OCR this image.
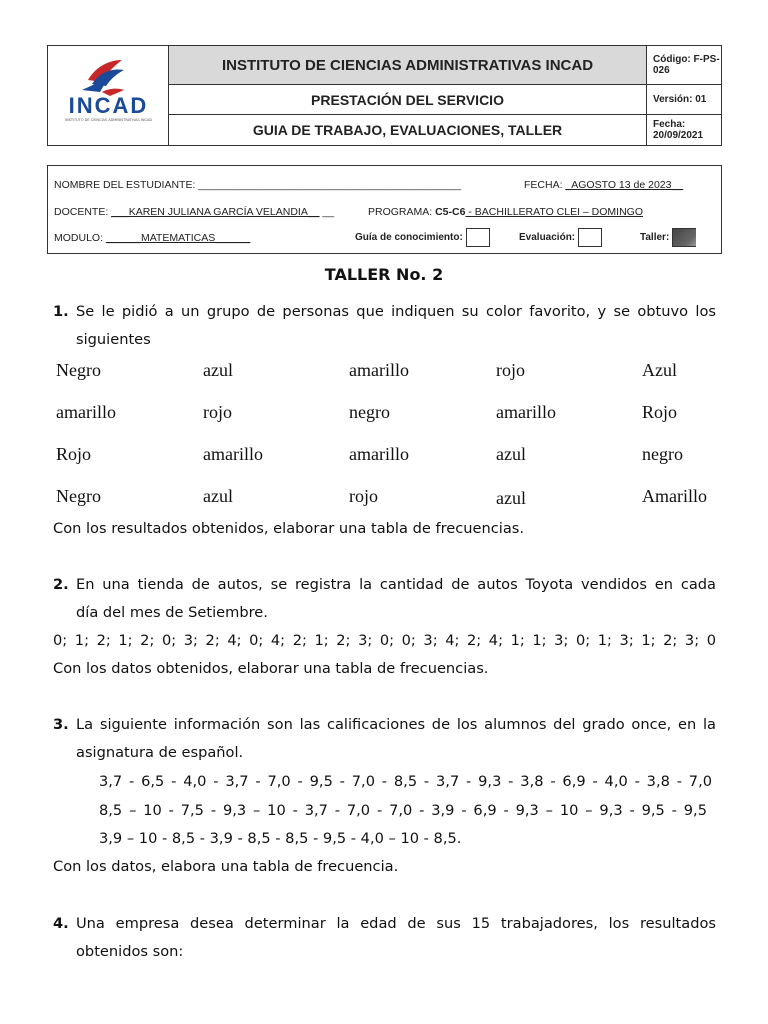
INCAD
INSTITUTO DE CIENCIAS ADMINISTRATIVAS INCAD
INSTITUTO DE CIENCIAS ADMINISTRATIVAS INCAD
PRESTACIÓN DEL SERVICIO
GUIA DE TRABAJO, EVALUACIONES, TALLER
Código: F-PS-026
Versión: 01
Fecha: 20/09/2021
NOMBRE DEL ESTUDIANTE: _____________________________________________	FECHA: _AGOSTO 13 de 2023__
DOCENTE: ___KAREN JULIANA GARCÍA VELANDIA__ __	PROGRAMA: C5-C6 - BACHILLERATO CLEI – DOMINGO
MODULO: ______MATEMATICAS______	Guía de conocimiento:	Evaluación:	Taller:
TALLER No. 2
1. Se le pidió a un grupo de personas que indiquen su color favorito, y se obtuvo los
siguientes
Negro	azul	amarillo	rojo	Azul
amarillo	rojo	negro	amarillo	Rojo
Rojo	amarillo	amarillo	azul	negro
Negro	azul	rojo	azul	Amarillo
Con los resultados obtenidos, elaborar una tabla de frecuencias.
2. En una tienda de autos, se registra la cantidad de autos Toyota vendidos en cada
día del mes de Setiembre.
0; 1; 2; 1; 2; 0; 3; 2; 4; 0; 4; 2; 1; 2; 3; 0; 0; 3; 4; 2; 4; 1; 1; 3; 0; 1; 3; 1; 2; 3; 0
Con los datos obtenidos, elaborar una tabla de frecuencias.
3. La siguiente información son las calificaciones de los alumnos del grado once, en la
asignatura de español.
3,7 - 6,5 - 4,0 - 3,7 - 7,0 - 9,5 - 7,0 - 8,5 - 3,7 - 9,3 - 3,8 - 6,9 - 4,0 - 3,8 - 7,0
8,5 – 10 - 7,5 - 9,3 – 10 - 3,7 - 7,0 - 7,0 - 3,9 - 6,9 - 9,3 – 10 – 9,3 - 9,5 - 9,5
3,9 – 10 - 8,5 - 3,9 - 8,5 - 8,5 - 9,5 - 4,0 – 10 - 8,5.
Con los datos, elabora una tabla de frecuencia.
4. Una empresa desea determinar la edad de sus 15 trabajadores, los resultados
obtenidos son:
